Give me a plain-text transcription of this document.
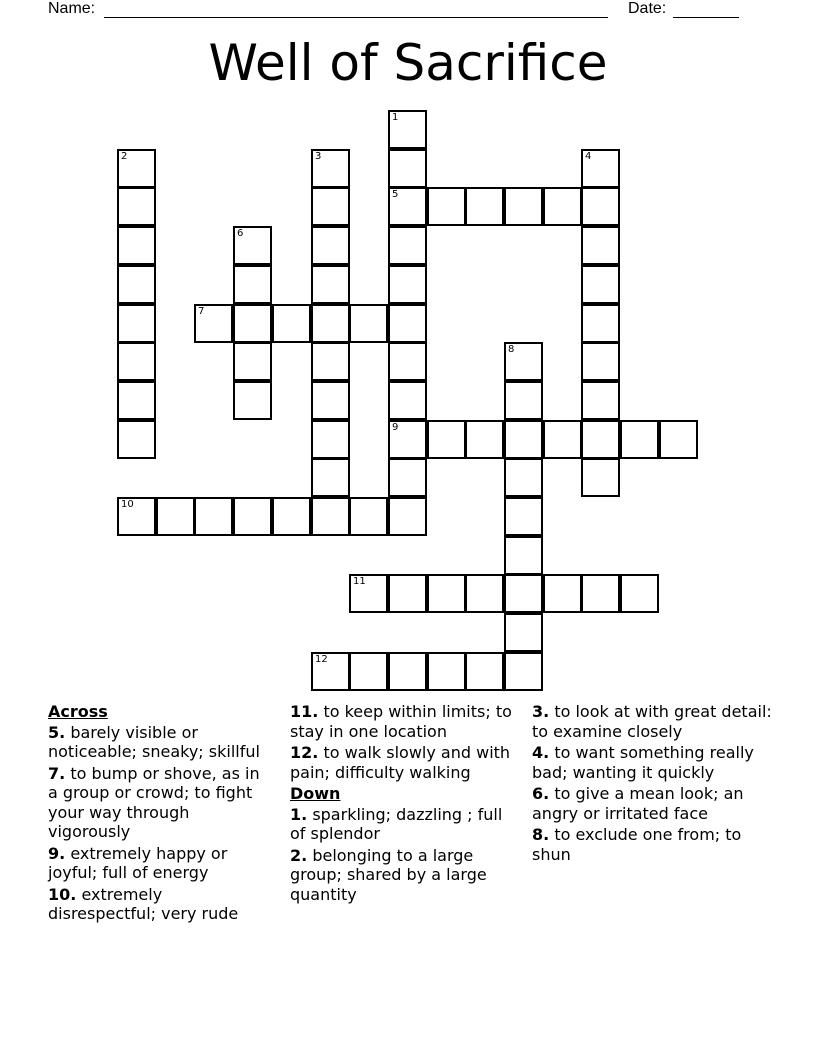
Name:	Date:
Well of Sacrifice
1
5
9
2	3	4
6
7
8
10
11
12
Across
5. barely visible or noticeable; sneaky; skillful
7. to bump or shove, as in a group or crowd; to fight your way through vigorously
9. extremely happy or joyful; full of energy
10. extremely disrespectful; very rude
11. to keep within limits; to stay in one location
12. to walk slowly and with pain; difficulty walking
Down
1. sparkling; dazzling ; full of splendor
2. belonging to a large group; shared by a large quantity
3. to look at with great detail: to examine closely
4. to want something really bad; wanting it quickly
6. to give a mean look; an angry or irritated face
8. to exclude one from; to shun
